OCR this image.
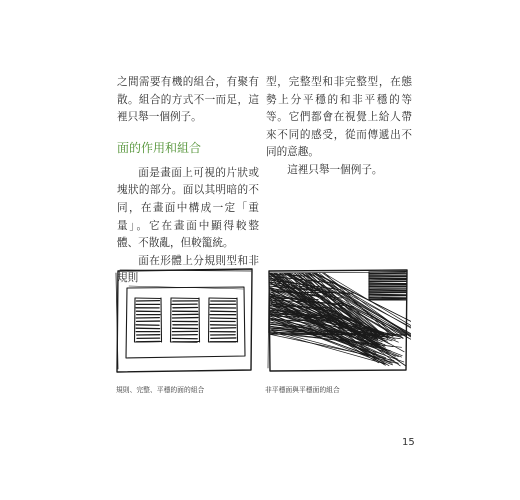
之間需要有機的組合，有聚有散。組合的方式不一而足，這裡只舉一個例子。

面的作用和組合

面是畫面上可視的片狀或塊狀的部分。面以其明暗的不同，在畫面中構成一定「重量」。它在畫面中顯得較整體、不散亂，但較籠統。

面在形體上分規則型和非規則

型，完整型和非完整型，在態勢上分平穩的和非平穩的等等。它們都會在視覺上給人帶來不同的感受，從而傳遞出不同的意趣。

這裡只舉一個例子。

規則、完整、平穩的面的組合	非平穩面與平穩面的組合
15
